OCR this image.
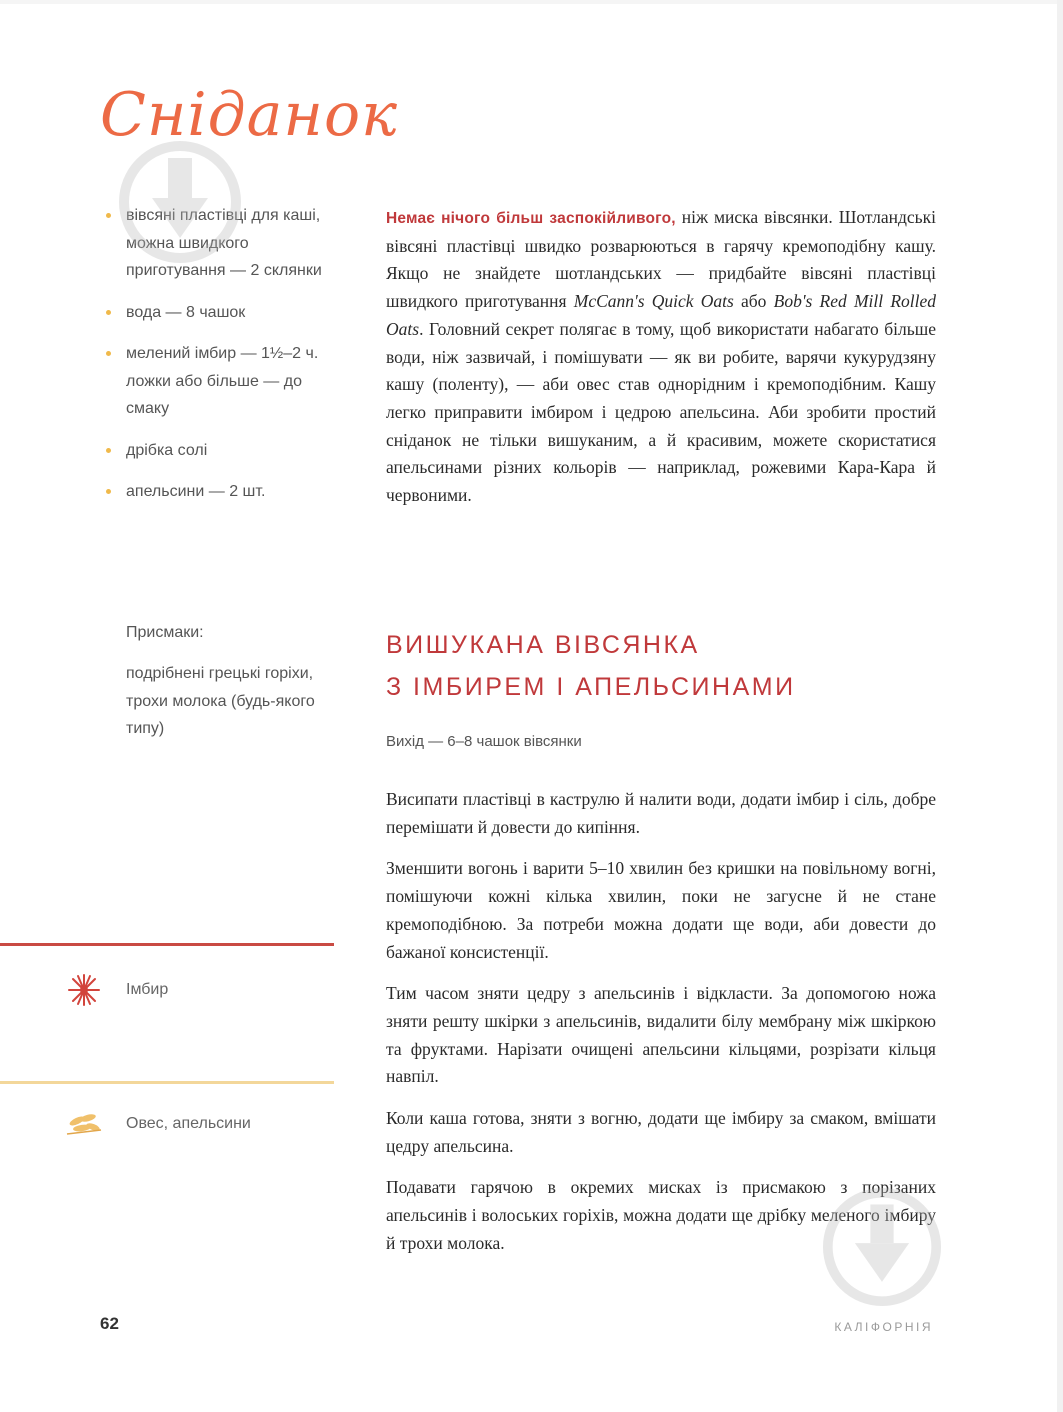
Сніданок
вівсяні пластівці для каші, можна швидкого приготування — 2 склянки
вода — 8 чашок
мелений імбир — 1½–2 ч. ложки або більше — до смаку
дрібка солі
апельсини — 2 шт.

Присмаки:

подрібнені грецькі горіхи, трохи молока (будь-якого типу)

Імбир
Овес, апельсини

Немає нічого більш заспокійливого, ніж миска вівсянки. Шотландські вівсяні пластівці швидко розварюються в гарячу кремоподібну кашу. Якщо не знайдете шотландських — придбайте вівсяні пластівці швидкого приготування McCann's Quick Oats або Bob's Red Mill Rolled Oats. Головний секрет полягає в тому, щоб використати набагато більше води, ніж зазвичай, і помішувати — як ви робите, варячи кукурудзяну кашу (поленту), — аби овес став однорідним і кремоподібним. Кашу легко приправити імбиром і цедрою апельсина. Аби зробити простий сніданок не тільки вишуканим, а й красивим, можете скористатися апельсинами різних кольорів — наприклад, рожевими Кара-Кара й червоними.

ВИШУКАНА ВІВСЯНКА
З ІМБИРЕМ І АПЕЛЬСИНАМИ

Вихід — 6–8 чашок вівсянки

Висипати пластівці в каструлю й налити води, додати імбир і сіль, добре перемішати й довести до кипіння.

Зменшити вогонь і варити 5–10 хвилин без кришки на повільному вогні, помішуючи кожні кілька хвилин, поки не загусне й не стане кремоподібною. За потреби можна додати ще води, аби довести до бажаної консистенції.

Тим часом зняти цедру з апельсинів і відкласти. За допомогою ножа зняти решту шкірки з апельсинів, видалити білу мембрану між шкіркою та фруктами. Нарізати очищені апельсини кільцями, розрізати кільця навпіл.

Коли каша готова, зняти з вогню, додати ще імбиру за смаком, вмішати цедру апельсина.

Подавати гарячою в окремих мисках із присмакою з порізаних апельсинів і волоських горіхів, можна додати ще дрібку меленого імбиру й трохи молока.

62	КАЛІФОРНІЯ
